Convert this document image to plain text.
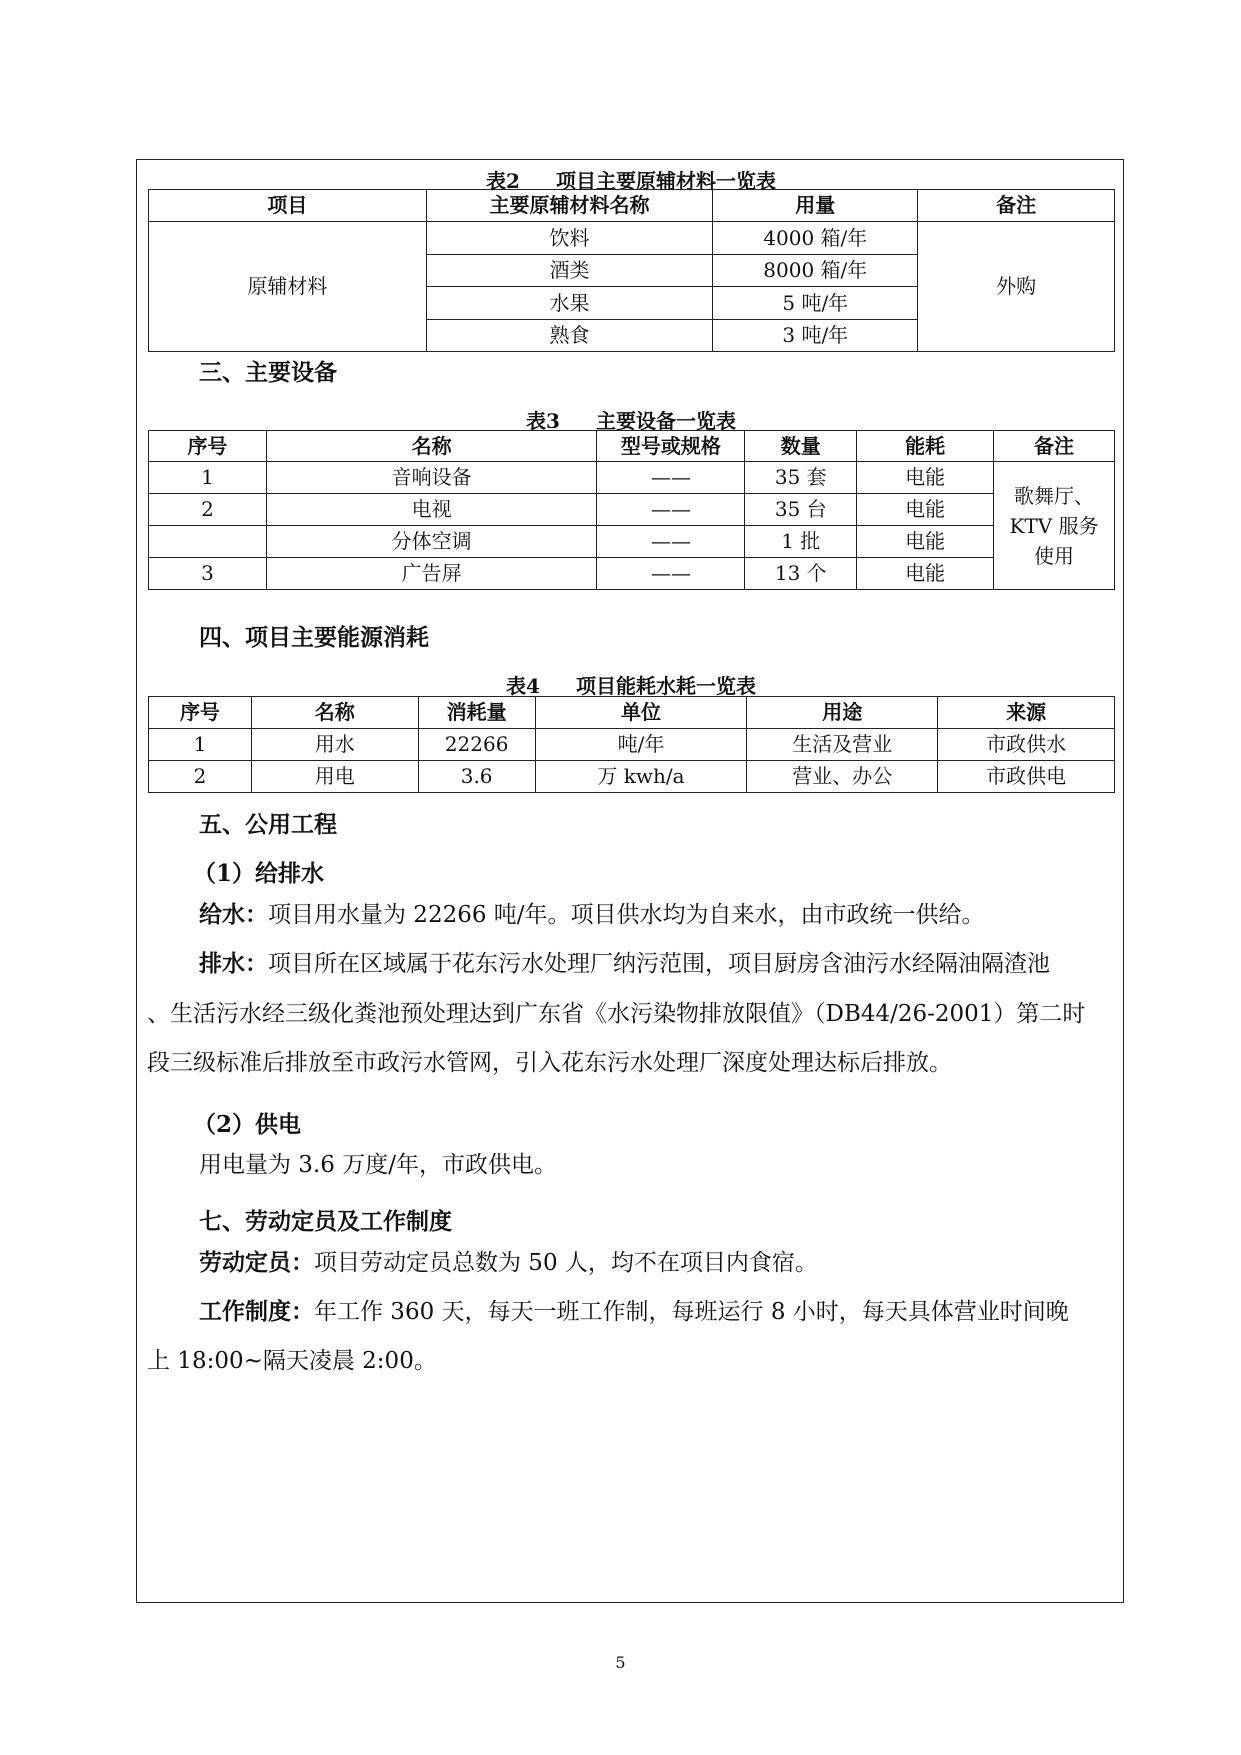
表2 项目主要原辅材料一览表
项目	主要原辅材料名称	用量	备注
原辅材料	饮料	4000 箱/年	外购
	酒类	8000 箱/年	
	水果	5 吨/年	
	熟食	3 吨/年	
三、主要设备
表3 主要设备一览表
序号	名称	型号或规格	数量	能耗	备注
1	音响设备	——	35 套	电能	歌舞厅、
KTV 服务
使用

2	电视	——	35 台	电能	
	分体空调	——	1 批	电能	
3	广告屏	——	13 个	电能	
四、项目主要能源消耗
表4 项目能耗水耗一览表
序号	名称	消耗量	单位	用途	来源
1	用水	22266	吨/年	生活及营业	市政供水
2	用电	3.6	万 kwh/a	营业、办公	市政供电
五、公用工程
（1）给排水
给水：项目用水量为 22266 吨/年。项目供水均为自来水，由市政统一供给。
排水：项目所在区域属于花东污水处理厂纳污范围，项目厨房含油污水经隔油隔渣池
、生活污水经三级化粪池预处理达到广东省《水污染物排放限值》（DB44/26-2001）第二时
段三级标准后排放至市政污水管网，引入花东污水处理厂深度处理达标后排放。
（2）供电
用电量为 3.6 万度/年，市政供电。
七、劳动定员及工作制度
劳动定员：项目劳动定员总数为 50 人，均不在项目内食宿。
工作制度：年工作 360 天，每天一班工作制，每班运行 8 小时，每天具体营业时间晚
上 18:00~隔天凌晨 2:00。
5
